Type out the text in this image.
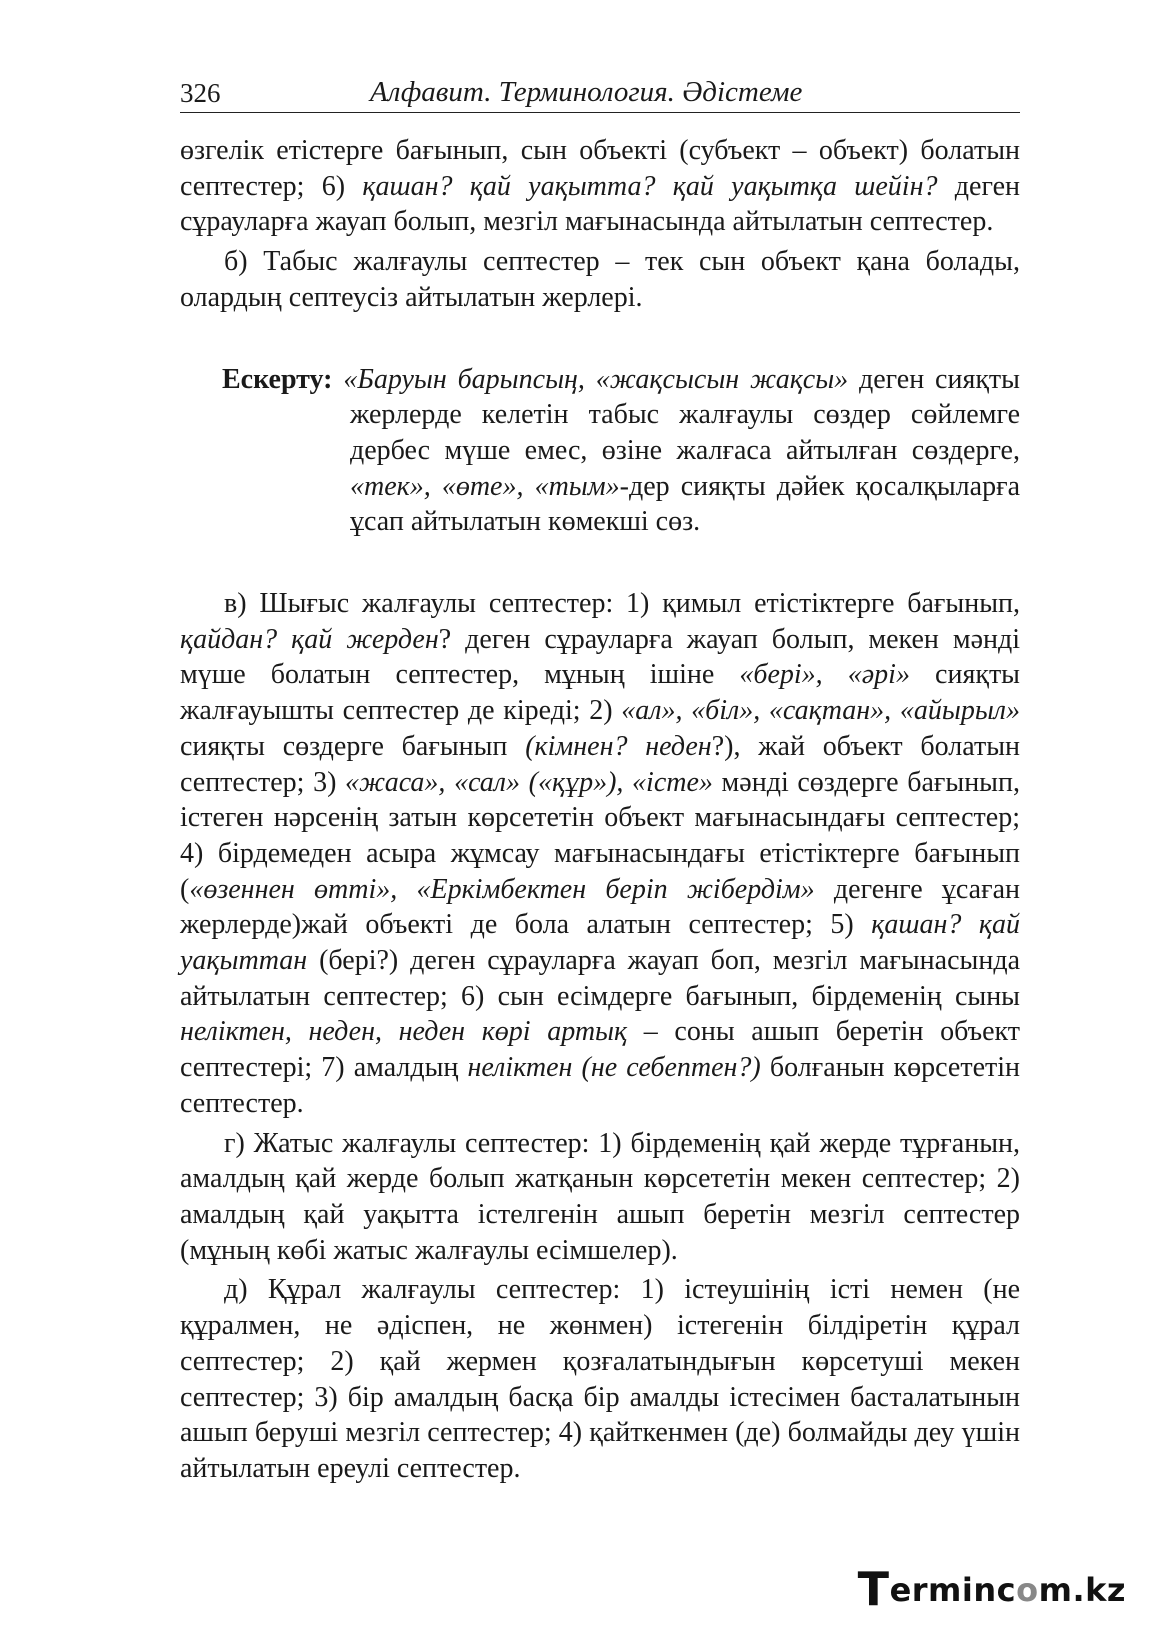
326	Алфавит. Терминология. Әдістеме

өзгелік етістерге бағынып, сын объекті (субъект – объект) болатын септестер; 6) қашан? қай уақытта? қай уақытқа шейін? деген сұрауларға жауап болып, мезгіл мағынасында айтылатын септестер.

б) Табыс жалғаулы септестер – тек сын объект қана болады, олардың септеусіз айтылатын жерлері.

Ескерту: «Баруын барыпсың, «жақсысын жақсы» деген сияқты жерлерде келетін табыс жалғаулы сөздер сөйлемге дербес мүше емес, өзіне жалғаса айтылған сөздерге, «тек», «өте», «тым»-дер сияқты дәйек қосалқыларға ұсап айтылатын көмекші сөз.

в) Шығыс жалғаулы септестер: 1) қимыл етістіктерге бағынып, қайдан? қай жерден? деген сұрауларға жауап болып, мекен мәнді мүше болатын септестер, мұның ішіне «бері», «әрі» сияқты жалғауышты септестер де кіреді; 2) «ал», «біл», «сақтан», «айырыл» сияқты сөздерге бағынып (кімнен? неден?), жай объект болатын септестер; 3) «жаса», «сал» («құр»), «істе» мәнді сөздерге бағынып, істеген нәрсенің затын көрсететін объект мағынасындағы септестер; 4) бірдемеден асыра жұмсау мағынасындағы етістіктерге бағынып («өзеннен өтті», «Еркімбектен беріп жібердім» дегенге ұсаған жерлерде)жай объекті де бола алатын септестер; 5) қашан? қай уақыттан (бері?) деген сұрауларға жауап боп, мезгіл мағынасында айтылатын септестер; 6) сын есімдерге бағынып, бірдеменің сыны неліктен, неден, неден көрі артық – соны ашып беретін объект септестері; 7) амалдың неліктен (не себептен?) болғанын көрсететін септестер.

г) Жатыс жалғаулы септестер: 1) бірдеменің қай жерде тұрғанын, амалдың қай жерде болып жатқанын көрсететін мекен септестер; 2) амалдың қай уақытта істелгенін ашып беретін мезгіл септестер (мұның көбі жатыс жалғаулы есімшелер).

д) Құрал жалғаулы септестер: 1) істеушінің істі немен (не құралмен, не әдіспен, не жөнмен) істегенін білдіретін құрал септестер; 2) қай жермен қозғалатындығын көрсетуші мекен септестер; 3) бір амалдың басқа бір амалды істесімен басталатынын ашып беруші мезгіл септестер; 4) қайткенмен (де) болмайды деу үшін айтылатын ереулі септестер.

Termincom.kz
